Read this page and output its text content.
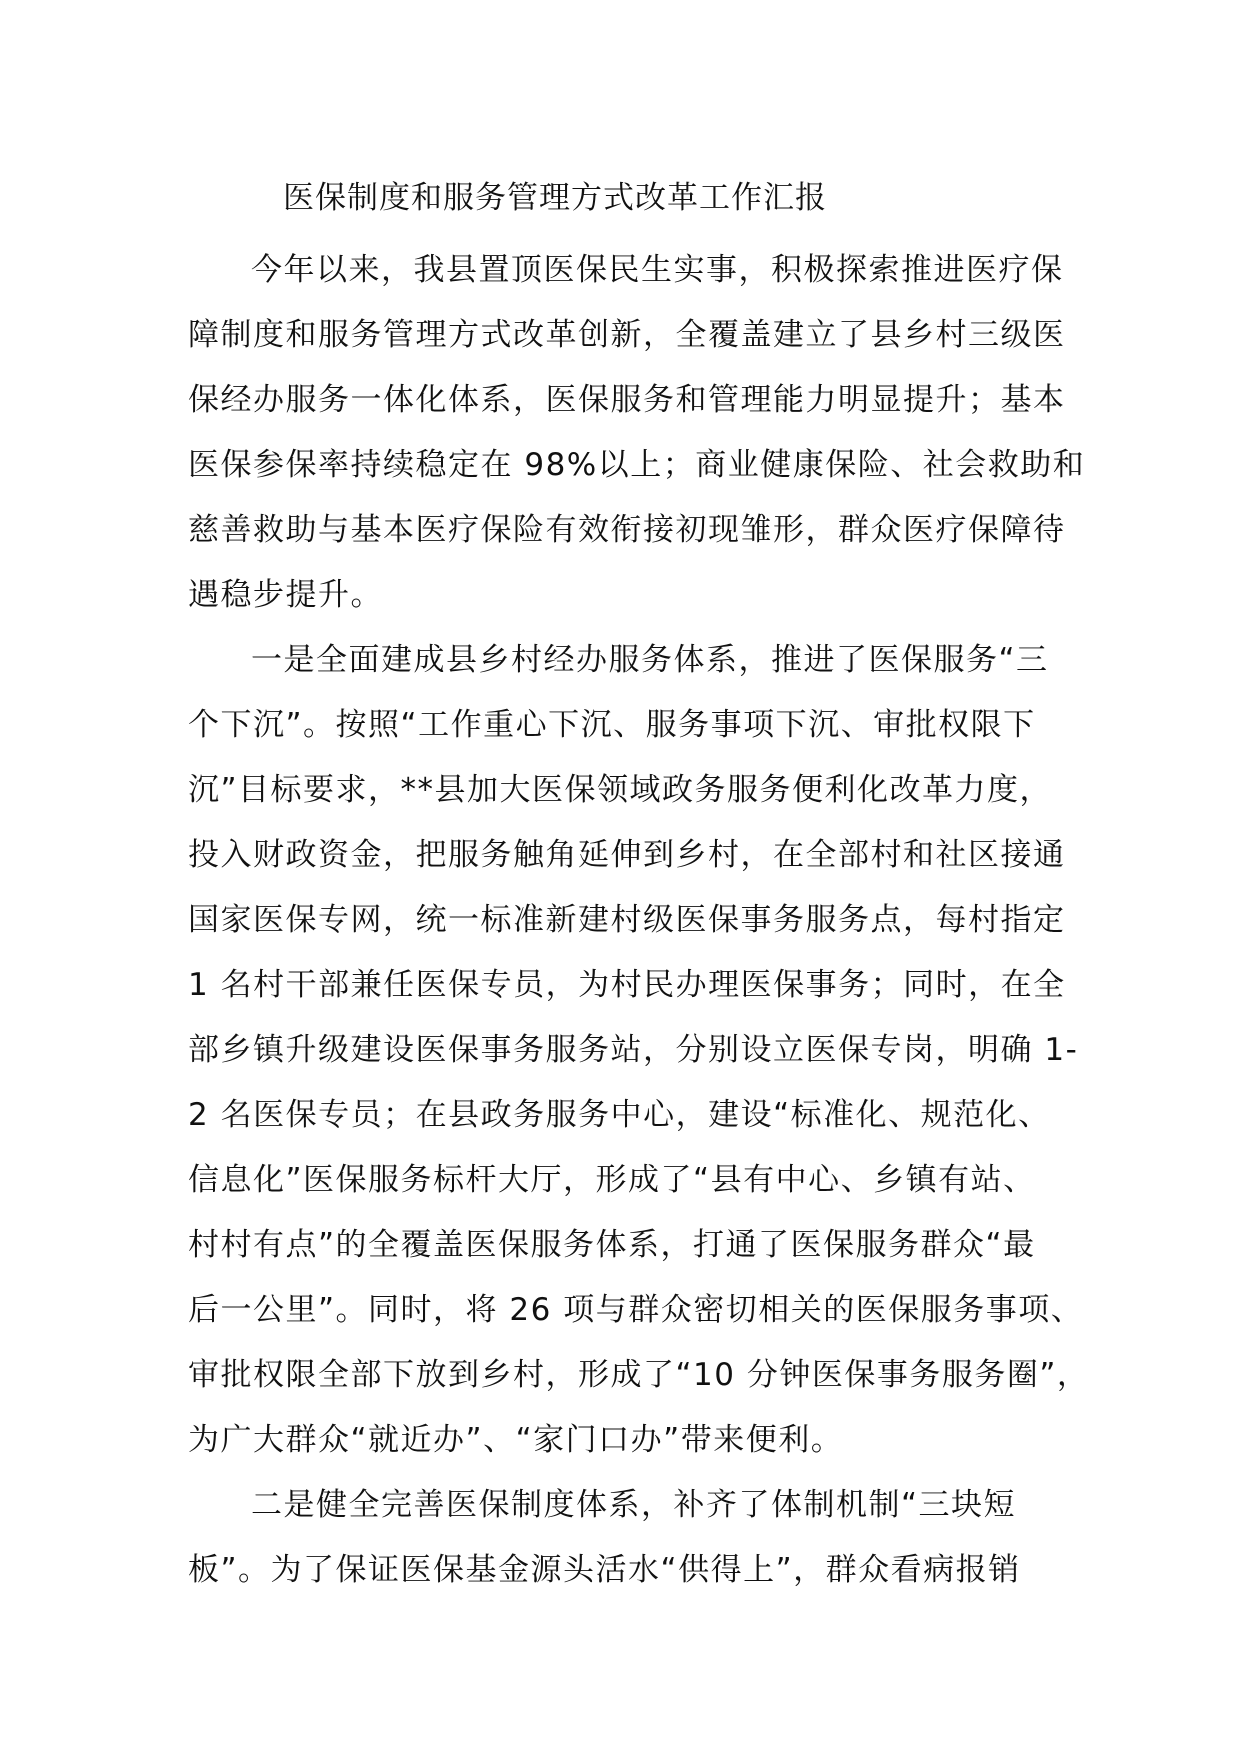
医保制度和服务管理方式改革工作汇报
今年以来，我县置顶医保民生实事，积极探索推进医疗保
障制度和服务管理方式改革创新，全覆盖建立了县乡村三级医
保经办服务一体化体系，医保服务和管理能力明显提升；基本
医保参保率持续稳定在 98%以上；商业健康保险、社会救助和
慈善救助与基本医疗保险有效衔接初现雏形，群众医疗保障待
遇稳步提升。
一是全面建成县乡村经办服务体系，推进了医保服务“三
个下沉”。按照“工作重心下沉、服务事项下沉、审批权限下
沉”目标要求，**县加大医保领域政务服务便利化改革力度，
投入财政资金，把服务触角延伸到乡村，在全部村和社区接通
国家医保专网，统一标准新建村级医保事务服务点，每村指定
1 名村干部兼任医保专员，为村民办理医保事务；同时，在全
部乡镇升级建设医保事务服务站，分别设立医保专岗，明确 1-
2 名医保专员；在县政务服务中心，建设“标准化、规范化、
信息化”医保服务标杆大厅，形成了“县有中心、乡镇有站、
村村有点”的全覆盖医保服务体系，打通了医保服务群众“最
后一公里”。同时，将 26 项与群众密切相关的医保服务事项、
审批权限全部下放到乡村，形成了“10 分钟医保事务服务圈”，
为广大群众“就近办”、“家门口办”带来便利。
二是健全完善医保制度体系，补齐了体制机制“三块短
板”。为了保证医保基金源头活水“供得上”，群众看病报销
